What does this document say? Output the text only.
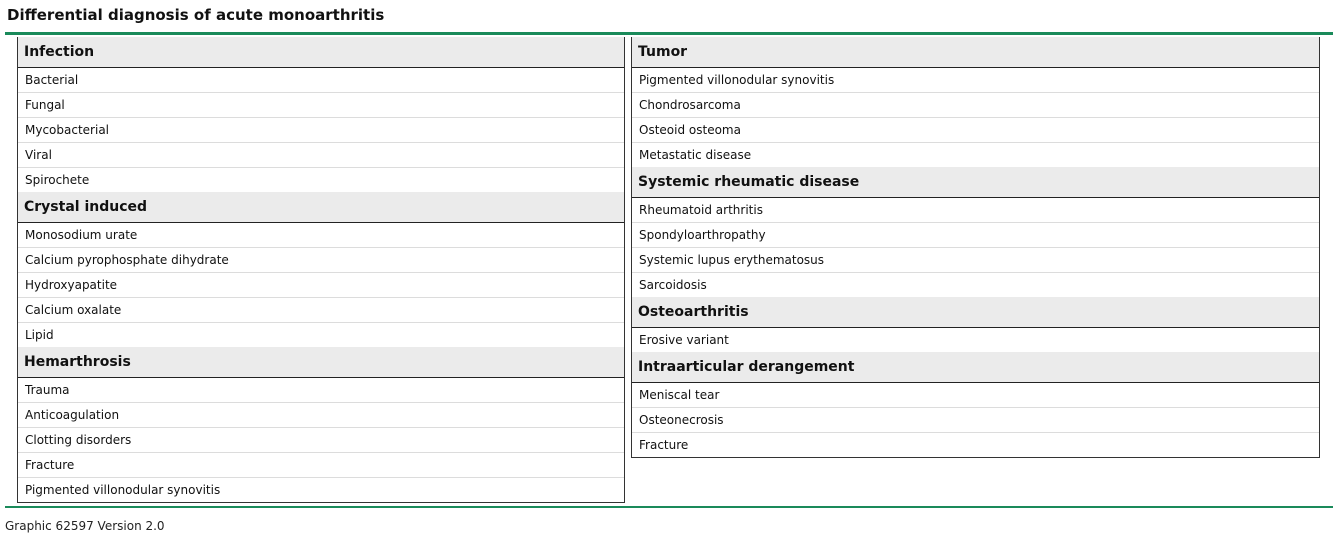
Differential diagnosis of acute monoarthritis
Infection
Bacterial
Fungal
Mycobacterial
Viral
Spirochete
Crystal induced
Monosodium urate
Calcium pyrophosphate dihydrate
Hydroxyapatite
Calcium oxalate
Lipid
Hemarthrosis
Trauma
Anticoagulation
Clotting disorders
Fracture
Pigmented villonodular synovitis
Tumor
Pigmented villonodular synovitis
Chondrosarcoma
Osteoid osteoma
Metastatic disease
Systemic rheumatic disease
Rheumatoid arthritis
Spondyloarthropathy
Systemic lupus erythematosus
Sarcoidosis
Osteoarthritis
Erosive variant
Intraarticular derangement
Meniscal tear
Osteonecrosis
Fracture
Graphic 62597 Version 2.0
